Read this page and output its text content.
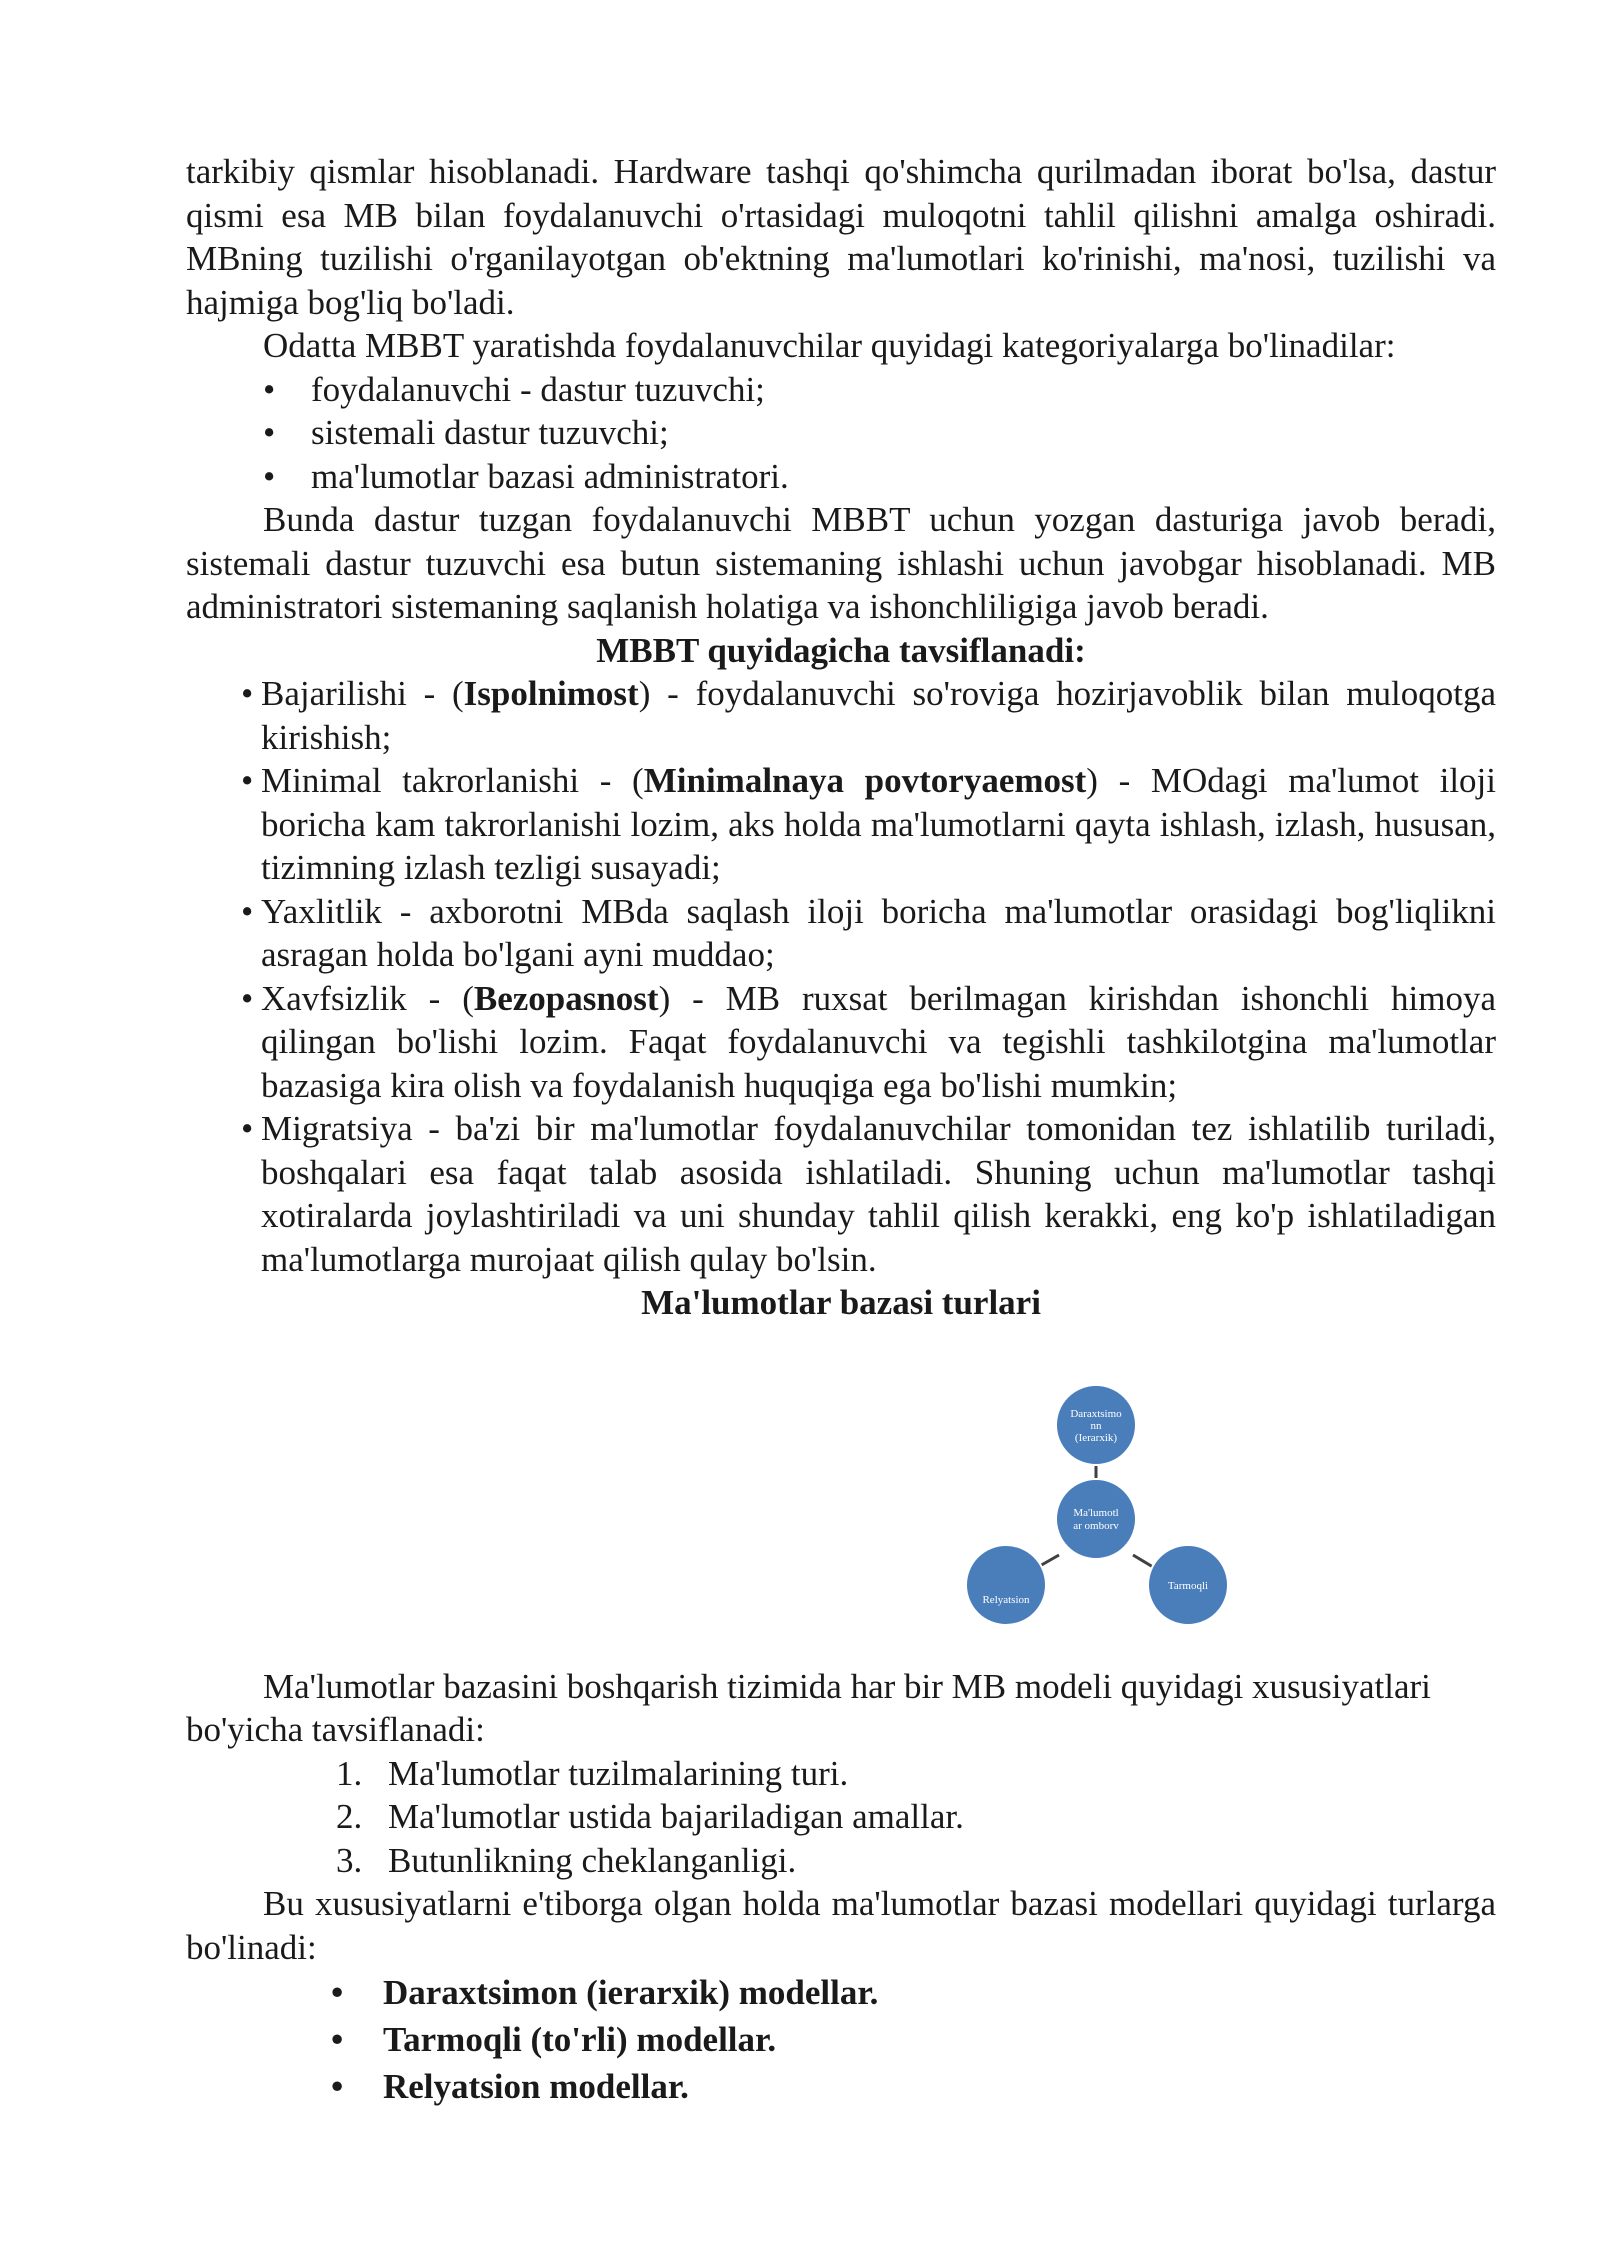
tarkibiy qismlar hisoblanadi. Hardware tashqi qo'shimcha qurilmadan iborat bo'lsa, dastur qismi esa MB bilan foydalanuvchi o'rtasidagi muloqotni tahlil qilishni amalga oshiradi. MBning tuzilishi o'rganilayotgan ob'ektning ma'lumotlari ko'rinishi, ma'nosi, tuzilishi va hajmiga bog'liq bo'ladi.

Odatta MBBT yaratishda foydalanuvchilar quyidagi kategoriyalarga bo'linadilar:

• foydalanuvchi - dastur tuzuvchi;
• sistemali dastur tuzuvchi;
• ma'lumotlar bazasi administratori.

Bunda dastur tuzgan foydalanuvchi MBBT uchun yozgan dasturiga javob beradi, sistemali dastur tuzuvchi esa butun sistemaning ishlashi uchun javobgar hisoblanadi. MB administratori sistemaning saqlanish holatiga va ishonchliligiga javob beradi.

MBBT quyidagicha tavsiflanadi:

• Bajarilishi - (Ispolnimost) - foydalanuvchi so'roviga hozirjavoblik bilan muloqotga kirishish;
• Minimal takrorlanishi - (Minimalnaya povtoryaemost) - MOdagi ma'lumot iloji boricha kam takrorlanishi lozim, aks holda ma'lumotlarni qayta ishlash, izlash, hususan, tizimning izlash tezligi susayadi;
• Yaxlitlik - axborotni MBda saqlash iloji boricha ma'lumotlar orasidagi bog'liqlikni asragan holda bo'lgani ayni muddao;
• Xavfsizlik - (Bezopasnost) - MB ruxsat berilmagan kirishdan ishonchli himoya qilingan bo'lishi lozim. Faqat foydalanuvchi va tegishli tashkilotgina ma'lumotlar bazasiga kira olish va foydalanish huquqiga ega bo'lishi mumkin;
• Migratsiya - ba'zi bir ma'lumotlar foydalanuvchilar tomonidan tez ishlatilib turiladi, boshqalari esa faqat talab asosida ishlatiladi. Shuning uchun ma'lumotlar tashqi xotiralarda joylashtiriladi va uni shunday tahlil qilish kerakki, eng ko'p ishlatiladigan ma'lumotlarga murojaat qilish qulay bo'lsin.

Ma'lumotlar bazasi turlari

Daraxtsimo
nn
(Ierarxik)
Ma'lumotl
ar omborv
Relyatsion
Tarmoqli

Ma'lumotlar bazasini boshqarish tizimida har bir MB modeli quyidagi xususiyatlari bo'yicha tavsiflanadi:

1. Ma'lumotlar tuzilmalarining turi.
2. Ma'lumotlar ustida bajariladigan amallar.
3. Butunlikning cheklanganligi.

Bu xususiyatlarni e'tiborga olgan holda ma'lumotlar bazasi modellari quyidagi turlarga bo'linadi:

• Daraxtsimon (ierarxik) modellar.
• Tarmoqli (to'rli) modellar.
• Relyatsion modellar.
